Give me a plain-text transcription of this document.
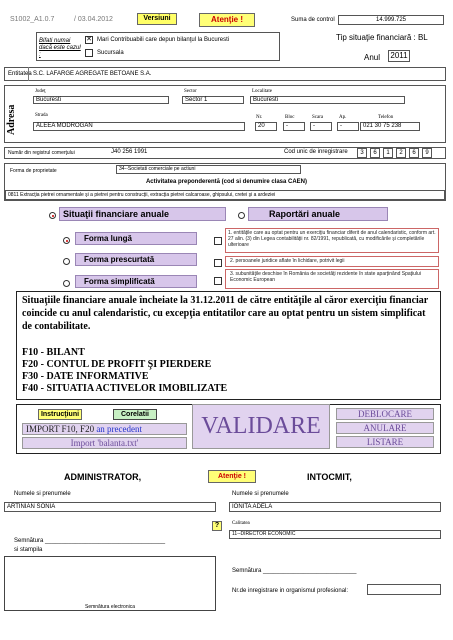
S1002_A1.0.7	/ 03.04.2012	Versiuni	Atenţie !	Suma de control	14.999.725
Bifati numai dacă este cazul :
✕ Mari Contribuabili care depun bilanţul la Bucuresti
Sucursala
Tip situaţie financiară : BL
Anul 2011
Entitatea S.C. LAFARGE AGREGATE BETOANE S.A.
Adresa
Judeţ
Bucuresti
Sector
Sector 1
Localitate
Bucuresti
Strada
ALEEA MODROGAN
Nr.
20
Bloc
-
Scara
-
Ap.
-
Telefon
021 30 75 238
Număr din registrul comerţului	J40 256 1991	Cod unic de inregistrare	3	6	1	2	6	9
Forma de proprietate	34--Societati comerciale pe actiuni
Activitatea preponderentă (cod si denumire clasa CAEN)
0811 Extracţia pietrei ornamentale şi a pietrei pentru construcţii, extracţia pietrei calcaroase, ghipsului, cretei şi a ardeziei
Situaţii financiare anuale	Raportări anuale
Forma lungă
Forma prescurtată
Forma simplificată
1. entităţile care au optat pentru un exerciţiu financiar diferit de anul calendaristic, conform art. 27 alin. (3) din Legea contabilităţii nr. 82/1991, republicată, cu modificările şi completările ulterioare
2. persoanele juridice aflate în lichidare, potrivit legii
3. subunităţile deschise în România de societăţi rezidente în state aparţinând Spaţiului Economic European
Situaţiile financiare anuale încheiate la 31.12.2011 de către entităţile al căror exerciţiu financiar coincide cu anul calendaristic, cu excepţia entitatilor care au optat pentru un sistem simplificat de contabilitate.
F10 - BILANT
F20 - CONTUL DE PROFIT ŞI PIERDERE
F30 - DATE INFORMATIVE
F40 - SITUATIA ACTIVELOR IMOBILIZATE
Instrucţiuni	Corelatii
IMPORT F10, F20 an precedent
Import 'balanta.txt'
VALIDARE	DEBLOCARE
ANULARE
LISTARE
ADMINISTRATOR,	Atenţie !	INTOCMIT,
Numele si prenumele
ARTINIAN SONIA
Numele si prenumele
IONITA ADELA
?	Calitatea
11--DIRECTOR ECONOMIC
Semnătura ____________________________________
si stampila
Semnătura ____________________________
Nr.de inregistrare in organismul profesional:
Semnătura electronica
